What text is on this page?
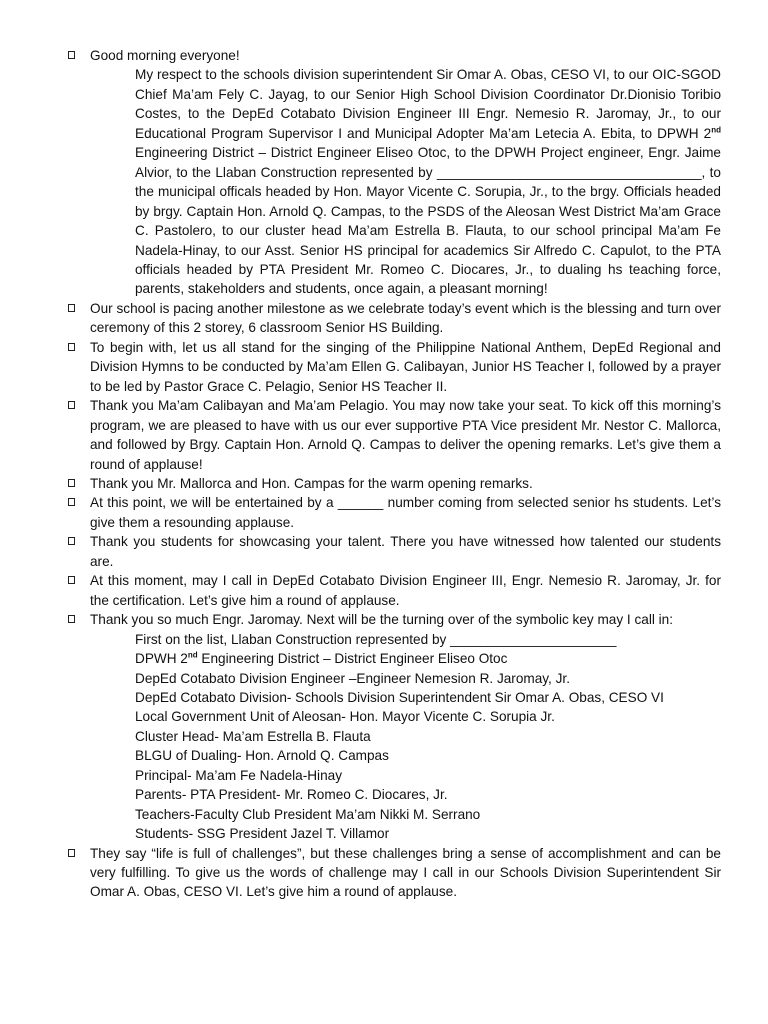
Good morning everyone!
My respect to the schools division superintendent Sir Omar A. Obas, CESO VI, to our OIC-SGOD Chief Ma’am Fely C. Jayag, to our Senior High School Division Coordinator Dr.Dionisio Toribio Costes, to the DepEd Cotabato Division Engineer III Engr. Nemesio R. Jaromay, Jr., to our Educational Program Supervisor I and Municipal Adopter Ma’am Letecia A. Ebita, to DPWH 2nd Engineering District – District Engineer Eliseo Otoc, to the DPWH Project engineer, Engr. Jaime Alvior, to the Llaban Construction represented by ___________________________________, to the municipal officals headed by Hon. Mayor Vicente C. Sorupia, Jr., to the brgy. Officials headed by brgy. Captain Hon. Arnold Q. Campas, to the PSDS of the Aleosan West District Ma’am Grace C. Pastolero, to our cluster head Ma’am Estrella B. Flauta, to our school principal Ma’am Fe Nadela-Hinay, to our Asst. Senior HS principal for academics Sir Alfredo C. Capulot, to the PTA officials headed by PTA President Mr. Romeo C. Diocares, Jr., to dualing hs teaching force, parents, stakeholders and students, once again, a pleasant morning!
Our school is pacing another milestone as we celebrate today’s event which is the blessing and turn over ceremony of this 2 storey, 6 classroom Senior HS Building.
To begin with, let us all stand for the singing of the Philippine National Anthem, DepEd Regional and Division Hymns to be conducted by Ma’am Ellen G. Calibayan, Junior HS Teacher I, followed by a prayer to be led by Pastor Grace C. Pelagio, Senior HS Teacher II.
Thank you Ma’am Calibayan and Ma’am Pelagio. You may now take your seat. To kick off this morning’s program, we are pleased to have with us our ever supportive PTA Vice president Mr. Nestor C. Mallorca, and followed by Brgy. Captain Hon. Arnold Q. Campas to deliver the opening remarks. Let’s give them a round of applause!
Thank you Mr. Mallorca and Hon. Campas for the warm opening remarks.
At this point, we will be entertained by a ______ number coming from selected senior hs students. Let’s give them a resounding applause.
Thank you students for showcasing your talent. There you have witnessed how talented our students are.
At this moment, may I call in DepEd Cotabato Division Engineer III, Engr. Nemesio R. Jaromay, Jr. for the certification. Let’s give him a round of applause.
Thank you so much Engr. Jaromay. Next will be the turning over of the symbolic key may I call in:
First on the list, Llaban Construction represented by ______________________
DPWH 2nd Engineering District – District Engineer Eliseo Otoc
DepEd Cotabato Division Engineer –Engineer Nemesion R. Jaromay, Jr.
DepEd Cotabato Division- Schools Division Superintendent Sir Omar A. Obas, CESO VI
Local Government Unit of Aleosan- Hon. Mayor Vicente C. Sorupia Jr.
Cluster Head- Ma’am Estrella B. Flauta
BLGU of Dualing- Hon. Arnold Q. Campas
Principal- Ma’am Fe Nadela-Hinay
Parents- PTA President- Mr. Romeo C. Diocares, Jr.
Teachers-Faculty Club President Ma’am Nikki M. Serrano
Students- SSG President Jazel T. Villamor
They say “life is full of challenges”, but these challenges bring a sense of accomplishment and can be very fulfilling. To give us the words of challenge may I call in our Schools Division Superintendent Sir Omar A. Obas, CESO VI. Let’s give him a round of applause.
